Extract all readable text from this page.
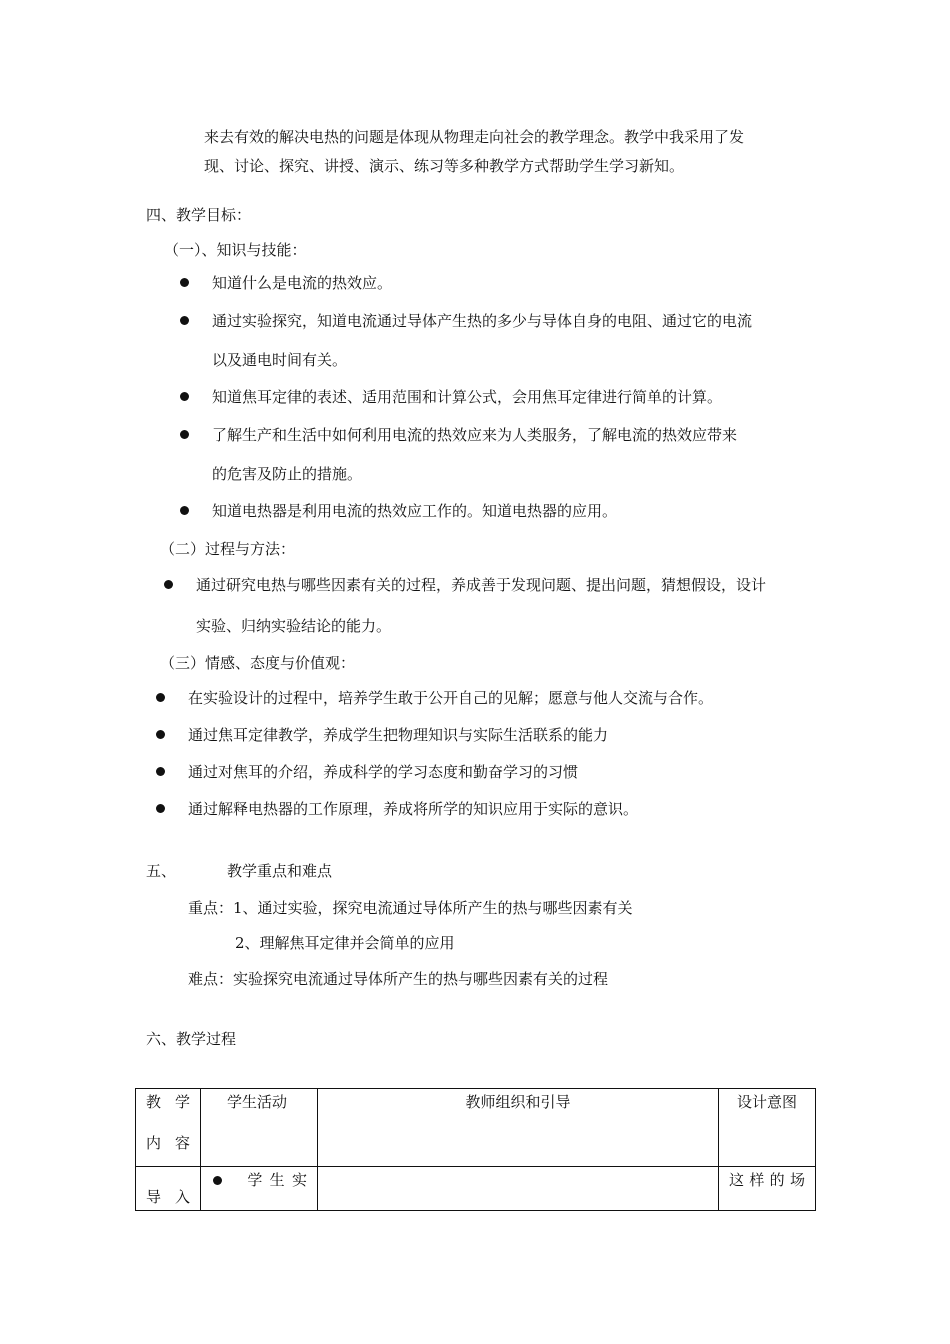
来去有效的解决电热的问题是体现从物理走向社会的教学理念。教学中我采用了发
现、讨论、探究、讲授、演示、练习等多种教学方式帮助学生学习新知。
四、教学目标：
（一）、知识与技能：
知道什么是电流的热效应。
通过实验探究，知道电流通过导体产生热的多少与导体自身的电阻、通过它的电流
以及通电时间有关。
知道焦耳定律的表述、适用范围和计算公式，会用焦耳定律进行简单的计算。
了解生产和生活中如何利用电流的热效应来为人类服务，了解电流的热效应带来
的危害及防止的措施。
知道电热器是利用电流的热效应工作的。知道电热器的应用。
（二）过程与方法：
通过研究电热与哪些因素有关的过程，养成善于发现问题、提出问题，猜想假设，设计
实验、归纳实验结论的能力。
（三）情感、态度与价值观：
在实验设计的过程中，培养学生敢于公开自己的见解；愿意与他人交流与合作。
通过焦耳定律教学，养成学生把物理知识与实际生活联系的能力
通过对焦耳的介绍，养成科学的学习态度和勤奋学习的习惯
通过解释电热器的工作原理，养成将所学的知识应用于实际的意识。
五、	教学重点和难点
重点：1、通过实验，探究电流通过导体所产生的热与哪些因素有关
2、理解焦耳定律并会简单的应用
难点：实验探究电流通过导体所产生的热与哪些因素有关的过程
六、教学过程
教 学
内 容	学生活动	教师组织和引导	设计意图

导 入	学 生 实		这 样 的 场
